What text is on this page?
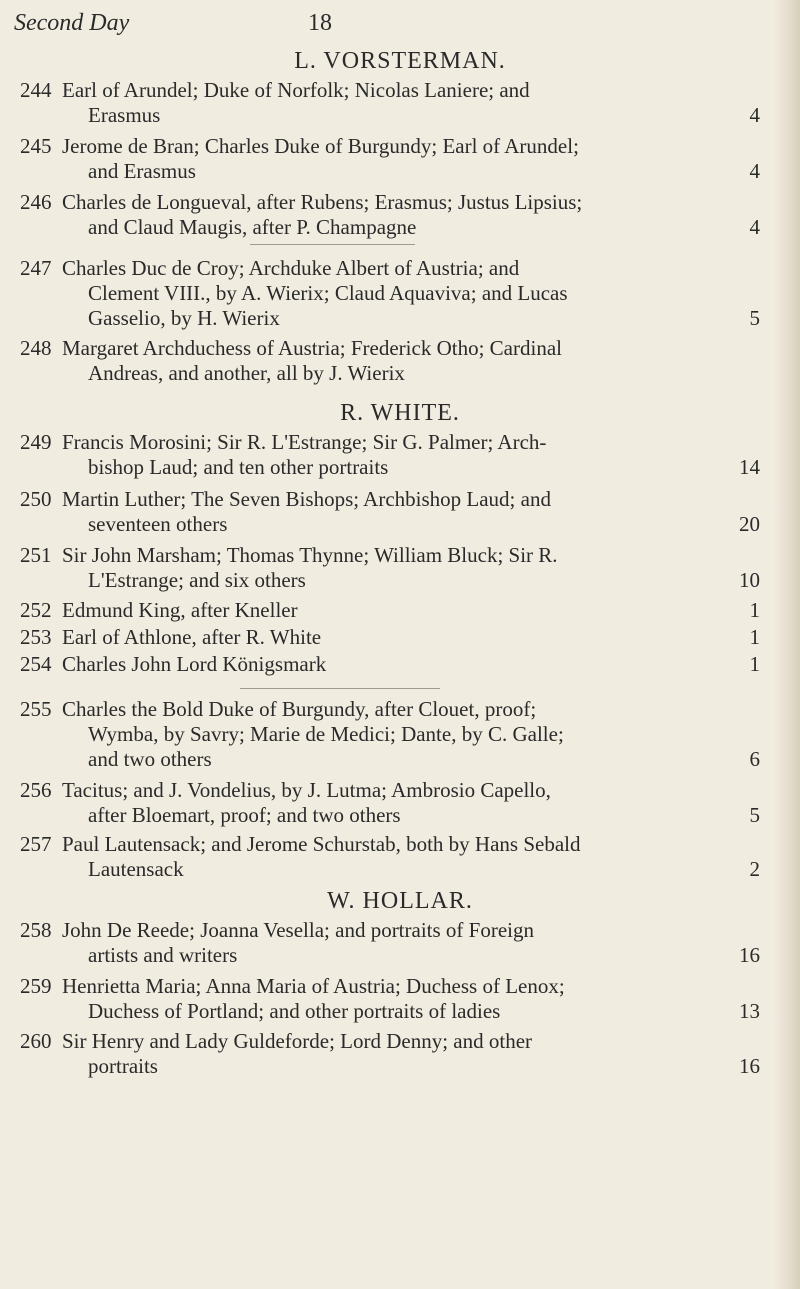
Second Day	18
L. VORSTERMAN.
244 Earl of Arundel; Duke of Norfolk; Nicolas Laniere; and
Erasmus	4
245 Jerome de Bran; Charles Duke of Burgundy; Earl of Arundel;
and Erasmus	4
246 Charles de Longueval, after Rubens; Erasmus; Justus Lipsius;
and Claud Maugis, after P. Champagne	4
247 Charles Duc de Croy; Archduke Albert of Austria; and
Clement VIII., by A. Wierix; Claud Aquaviva; and Lucas
Gasselio, by H. Wierix	5
248 Margaret Archduchess of Austria; Frederick Otho; Cardinal
Andreas, and another, all by J. Wierix
R. WHITE.
249 Francis Morosini; Sir R. L'Estrange; Sir G. Palmer; Arch-
bishop Laud; and ten other portraits	14
250 Martin Luther; The Seven Bishops; Archbishop Laud; and
seventeen others	20
251 Sir John Marsham; Thomas Thynne; William Bluck; Sir R.
L'Estrange; and six others	10
252 Edmund King, after Kneller	1
253 Earl of Athlone, after R. White	1
254 Charles John Lord Königsmark	1
255 Charles the Bold Duke of Burgundy, after Clouet, proof;
Wymba, by Savry; Marie de Medici; Dante, by C. Galle;
and two others	6
256 Tacitus; and J. Vondelius, by J. Lutma; Ambrosio Capello,
after Bloemart, proof; and two others	5
257 Paul Lautensack; and Jerome Schurstab, both by Hans Sebald
Lautensack	2
W. HOLLAR.
258 John De Reede; Joanna Vesella; and portraits of Foreign
artists and writers	16
259 Henrietta Maria; Anna Maria of Austria; Duchess of Lenox;
Duchess of Portland; and other portraits of ladies	13
260 Sir Henry and Lady Guldeforde; Lord Denny; and other
portraits	16
